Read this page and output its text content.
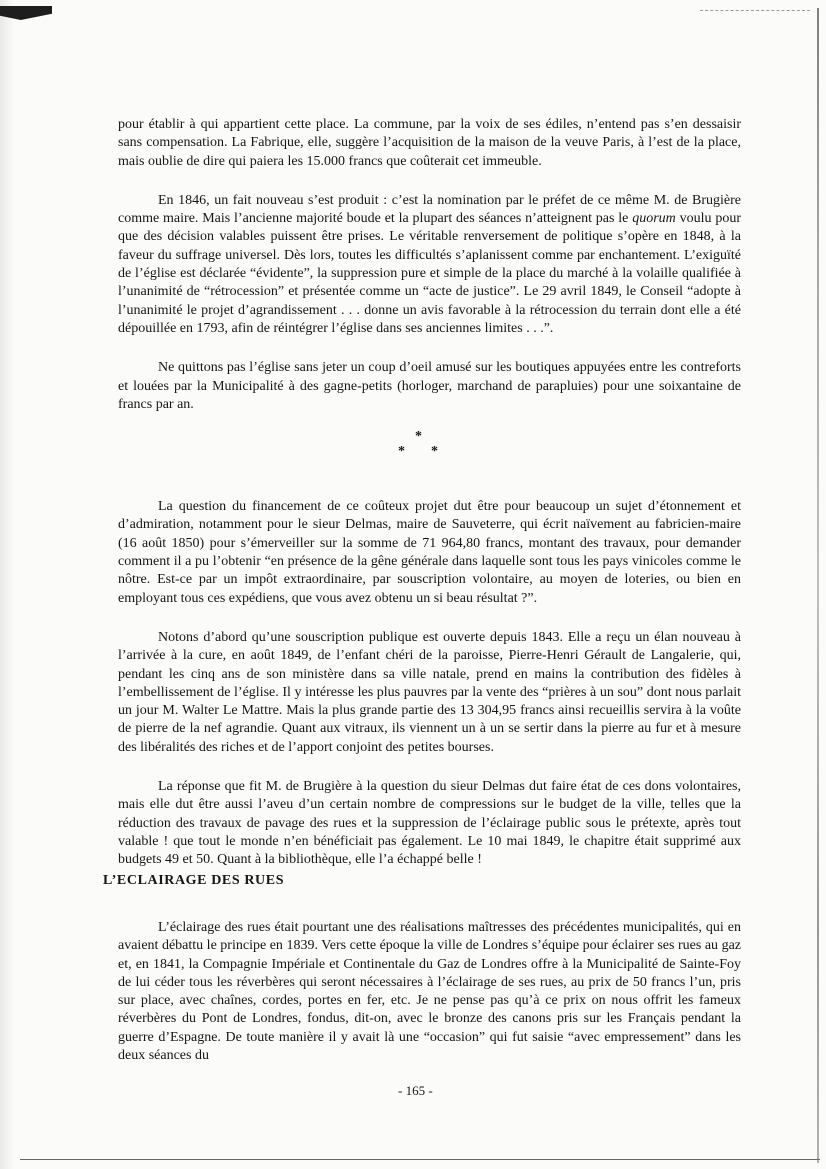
pour établir à qui appartient cette place. La commune, par la voix de ses édiles, n’entend pas s’en dessaisir sans compensation. La Fabrique, elle, suggère l’acquisition de la maison de la veuve Paris, à l’est de la place, mais oublie de dire qui paiera les 15.000 francs que coûterait cet immeuble.

En 1846, un fait nouveau s’est produit : c’est la nomination par le préfet de ce même M. de Brugière comme maire. Mais l’ancienne majorité boude et la plupart des séances n’atteignent pas le quorum voulu pour que des décision valables puissent être prises. Le véritable renversement de politique s’opère en 1848, à la faveur du suffrage universel. Dès lors, toutes les difficultés s’aplanissent comme par enchantement. L’exiguïté de l’église est déclarée “évidente”, la suppression pure et simple de la place du marché à la volaille qualifiée à l’unanimité de “rétrocession” et présentée comme un “acte de justice”. Le 29 avril 1849, le Conseil “adopte à l’unanimité le projet d’agrandissement . . . donne un avis favorable à la rétrocession du terrain dont elle a été dépouillée en 1793, afin de réintégrer l’église dans ses anciennes limites . . .”.

Ne quittons pas l’église sans jeter un coup d’oeil amusé sur les boutiques appuyées entre les contreforts et louées par la Municipalité à des gagne-petits (horloger, marchand de parapluies) pour une soixantaine de francs par an.

*
* *

La question du financement de ce coûteux projet dut être pour beaucoup un sujet d’étonnement et d’admiration, notamment pour le sieur Delmas, maire de Sauveterre, qui écrit naïvement au fabricien-maire (16 août 1850) pour s’émerveiller sur la somme de 71 964,80 francs, montant des travaux, pour demander comment il a pu l’obtenir “en présence de la gêne générale dans laquelle sont tous les pays vinicoles comme le nôtre. Est-ce par un impôt extraordinaire, par souscription volontaire, au moyen de loteries, ou bien en employant tous ces expédiens, que vous avez obtenu un si beau résultat ?”.

Notons d’abord qu’une souscription publique est ouverte depuis 1843. Elle a reçu un élan nouveau à l’arrivée à la cure, en août 1849, de l’enfant chéri de la paroisse, Pierre-Henri Gérault de Langalerie, qui, pendant les cinq ans de son ministère dans sa ville natale, prend en mains la contribution des fidèles à l’embellissement de l’église. Il y intéresse les plus pauvres par la vente des “prières à un sou” dont nous parlait un jour M. Walter Le Mattre. Mais la plus grande partie des 13 304,95 francs ainsi recueillis servira à la voûte de pierre de la nef agrandie. Quant aux vitraux, ils viennent un à un se sertir dans la pierre au fur et à mesure des libéralités des riches et de l’apport conjoint des petites bourses.

La réponse que fit M. de Brugière à la question du sieur Delmas dut faire état de ces dons volontaires, mais elle dut être aussi l’aveu d’un certain nombre de compressions sur le budget de la ville, telles que la réduction des travaux de pavage des rues et la suppression de l’éclairage public sous le prétexte, après tout valable ! que tout le monde n’en bénéficiait pas également. Le 10 mai 1849, le chapitre était supprimé aux budgets 49 et 50. Quant à la bibliothèque, elle l’a échappé belle !

L’ECLAIRAGE DES RUES

L’éclairage des rues était pourtant une des réalisations maîtresses des précédentes municipalités, qui en avaient débattu le principe en 1839. Vers cette époque la ville de Londres s’équipe pour éclairer ses rues au gaz et, en 1841, la Compagnie Impériale et Continentale du Gaz de Londres offre à la Municipalité de Sainte-Foy de lui céder tous les réverbères qui seront nécessaires à l’éclairage de ses rues, au prix de 50 francs l’un, pris sur place, avec chaînes, cordes, portes en fer, etc. Je ne pense pas qu’à ce prix on nous offrit les fameux réverbères du Pont de Londres, fondus, dit-on, avec le bronze des canons pris sur les Français pendant la guerre d’Espagne. De toute manière il y avait là une “occasion” qui fut saisie “avec empressement” dans les deux séances du

- 165 -
